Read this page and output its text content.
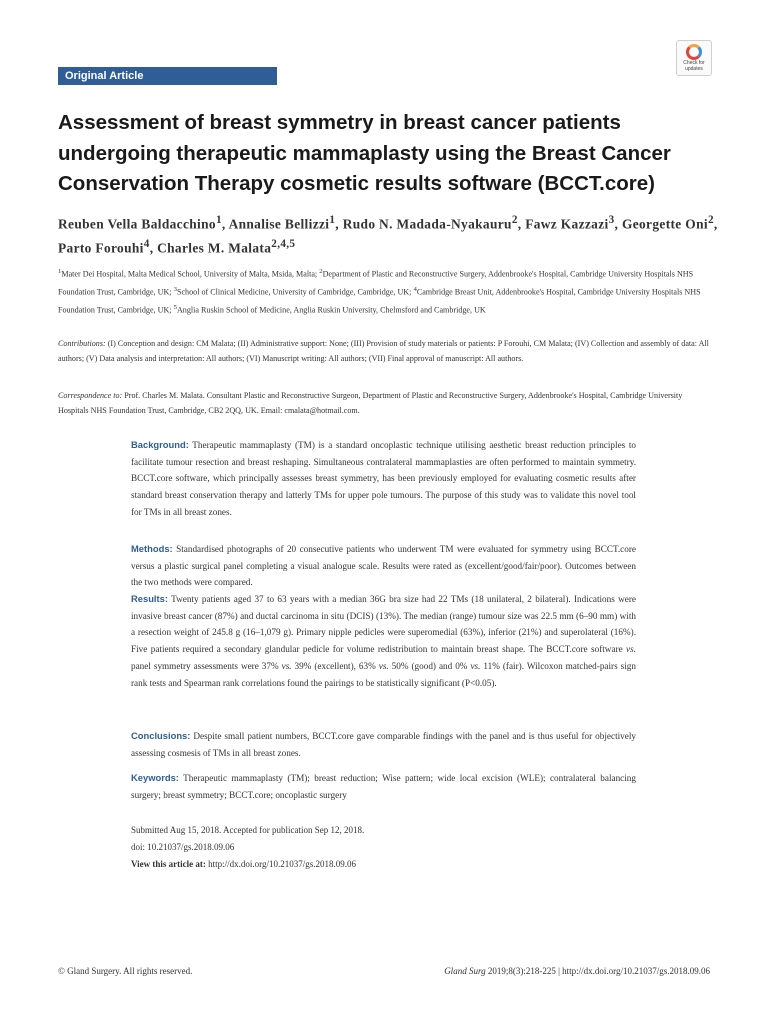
Original Article
Check for
updates
Assessment of breast symmetry in breast cancer patients undergoing therapeutic mammaplasty using the Breast Cancer Conservation Therapy cosmetic results software (BCCT.core)
Reuben Vella Baldacchino$^1$, Annalise Bellizzi$^1$, Rudo N. Madada-Nyakauru$^2$, Fawz Kazzazi$^3$, Georgette Oni$^2$, Parto Forouhi$^4$, Charles M. Malata$^{2,4,5}$
$^1$Mater Dei Hospital, Malta Medical School, University of Malta, Msida, Malta; $^2$Department of Plastic and Reconstructive Surgery, Addenbrooke's Hospital, Cambridge University Hospitals NHS Foundation Trust, Cambridge, UK; $^3$School of Clinical Medicine, University of Cambridge, Cambridge, UK; $^4$Cambridge Breast Unit, Addenbrooke's Hospital, Cambridge University Hospitals NHS Foundation Trust, Cambridge, UK; $^5$Anglia Ruskin School of Medicine, Anglia Ruskin University, Chelmsford and Cambridge, UK
Contributions: (I) Conception and design: CM Malata; (II) Administrative support: None; (III) Provision of study materials or patients: P Forouhi, CM Malata; (IV) Collection and assembly of data: All authors; (V) Data analysis and interpretation: All authors; (VI) Manuscript writing: All authors; (VII) Final approval of manuscript: All authors.
Correspondence to: Prof. Charles M. Malata. Consultant Plastic and Reconstructive Surgeon, Department of Plastic and Reconstructive Surgery, Addenbrooke's Hospital, Cambridge University Hospitals NHS Foundation Trust, Cambridge, CB2 2QQ, UK. Email: cmalata@hotmail.com.
Background: Therapeutic mammaplasty (TM) is a standard oncoplastic technique utilising aesthetic breast reduction principles to facilitate tumour resection and breast reshaping. Simultaneous contralateral mammaplasties are often performed to maintain symmetry. BCCT.core software, which principally assesses breast symmetry, has been previously employed for evaluating cosmetic results after standard breast conservation therapy and latterly TMs for upper pole tumours. The purpose of this study was to validate this novel tool for TMs in all breast zones.
Methods: Standardised photographs of 20 consecutive patients who underwent TM were evaluated for symmetry using BCCT.core versus a plastic surgical panel completing a visual analogue scale. Results were rated as (excellent/good/fair/poor). Outcomes between the two methods were compared.
Results: Twenty patients aged 37 to 63 years with a median 36G bra size had 22 TMs (18 unilateral, 2 bilateral). Indications were invasive breast cancer (87%) and ductal carcinoma in situ (DCIS) (13%). The median (range) tumour size was 22.5 mm (6–90 mm) with a resection weight of 245.8 g (16–1,079 g). Primary nipple pedicles were superomedial (63%), inferior (21%) and superolateral (16%). Five patients required a secondary glandular pedicle for volume redistribution to maintain breast shape. The BCCT.core software vs. panel symmetry assessments were 37% vs. 39% (excellent), 63% vs. 50% (good) and 0% vs. 11% (fair). Wilcoxon matched-pairs sign rank tests and Spearman rank correlations found the pairings to be statistically significant (P<0.05).
Conclusions: Despite small patient numbers, BCCT.core gave comparable findings with the panel and is thus useful for objectively assessing cosmesis of TMs in all breast zones.
Keywords: Therapeutic mammaplasty (TM); breast reduction; Wise pattern; wide local excision (WLE); contralateral balancing surgery; breast symmetry; BCCT.core; oncoplastic surgery
Submitted Aug 15, 2018. Accepted for publication Sep 12, 2018.
doi: 10.21037/gs.2018.09.06
View this article at: http://dx.doi.org/10.21037/gs.2018.09.06
© Gland Surgery. All rights reserved.	Gland Surg 2019;8(3):218-225 | http://dx.doi.org/10.21037/gs.2018.09.06
